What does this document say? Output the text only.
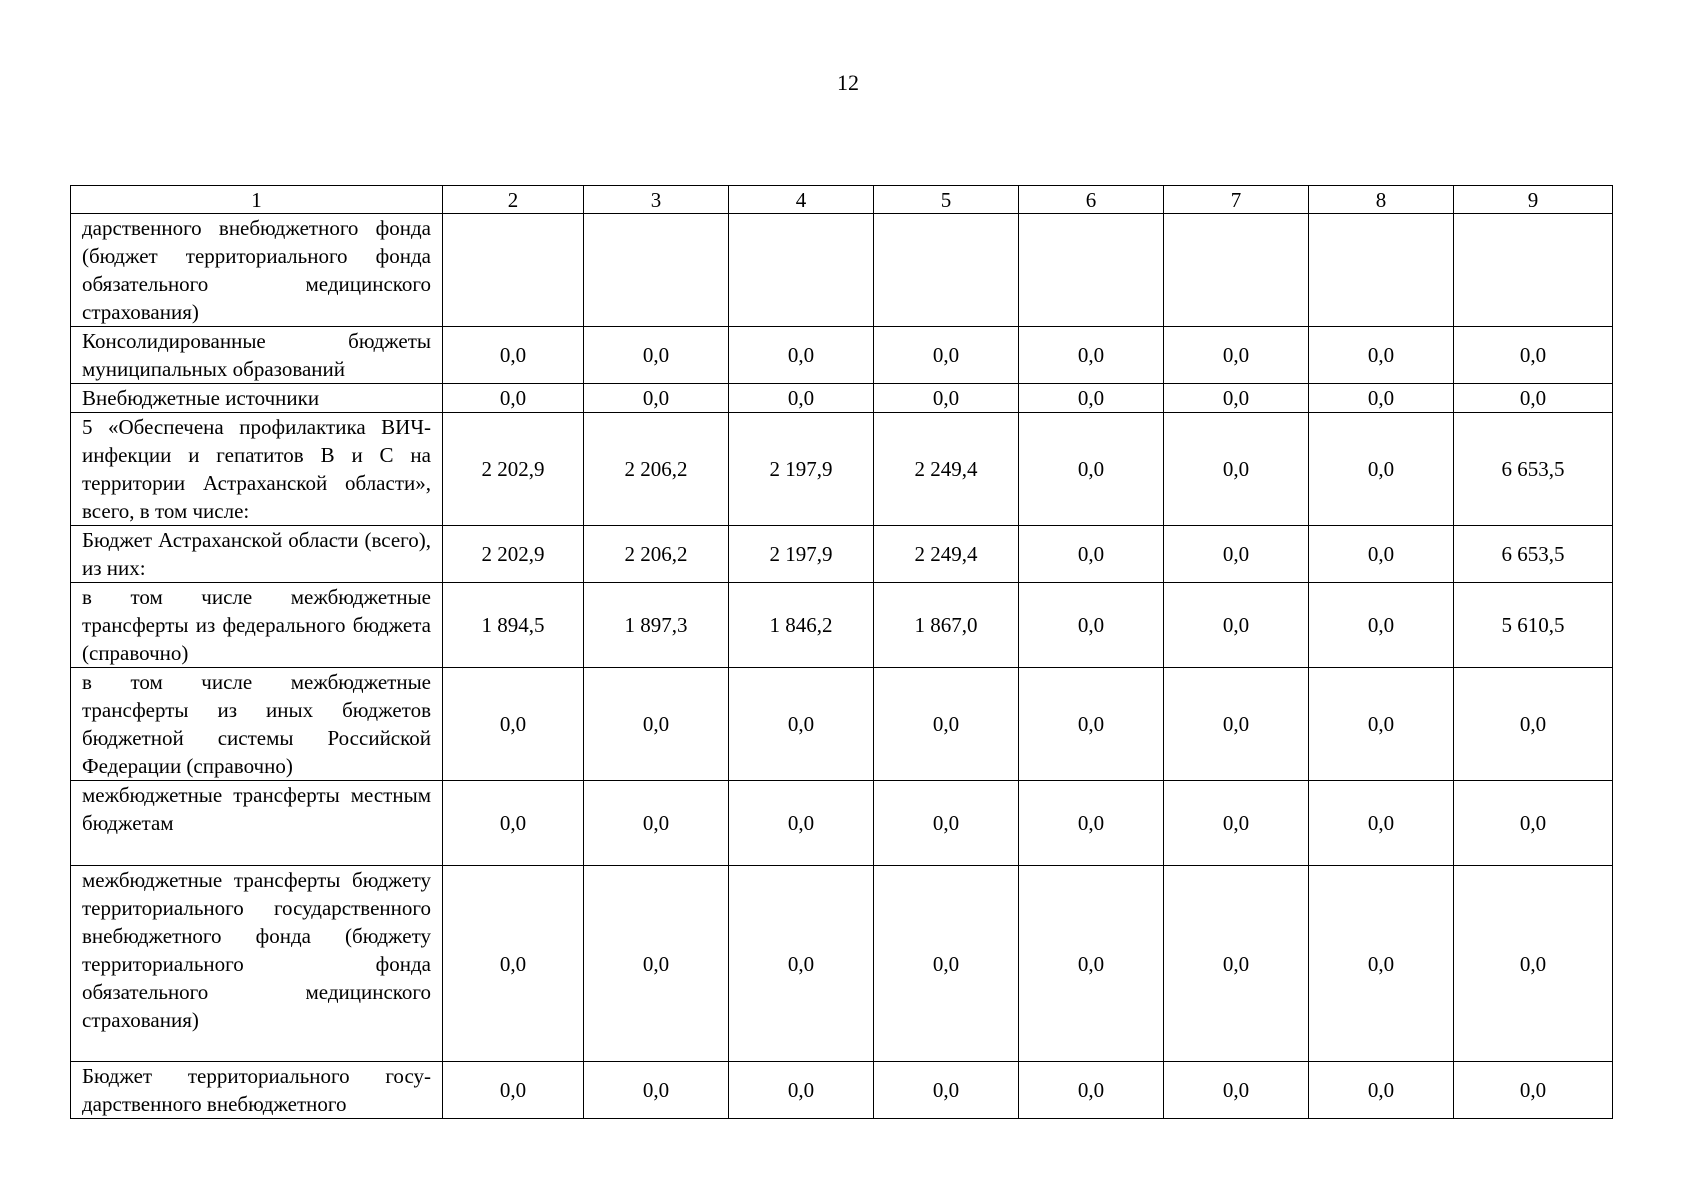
12
1	2	3	4	5	6	7	8	9
дарственного внебюджетного фонда (бюджет территориального фонда обязательного медицинского страхования)								
Консолидированные бюджеты муниципальных образований	0,0	0,0	0,0	0,0	0,0	0,0	0,0	0,0
Внебюджетные источники	0,0	0,0	0,0	0,0	0,0	0,0	0,0	0,0
5 «Обеспечена профилактика ВИЧ-инфекции и гепатитов В и С на территории Астраханской области», всего, в том числе:	2 202,9	2 206,2	2 197,9	2 249,4	0,0	0,0	0,0	6 653,5
Бюджет Астраханской области (всего), из них:	2 202,9	2 206,2	2 197,9	2 249,4	0,0	0,0	0,0	6 653,5
в том числе межбюджетные трансферты из федерального бюджета (справочно)	1 894,5	1 897,3	1 846,2	1 867,0	0,0	0,0	0,0	5 610,5
в том числе межбюджетные трансферты из иных бюджетов бюджетной системы Российской Федерации (справочно)	0,0	0,0	0,0	0,0	0,0	0,0	0,0	0,0
межбюджетные трансферты местным бюджетам	0,0	0,0	0,0	0,0	0,0	0,0	0,0	0,0
межбюджетные трансферты бюджету территориального государственного внебюджетного фонда (бюджету территориального фонда обязательного медицинского страхования)	0,0	0,0	0,0	0,0	0,0	0,0	0,0	0,0
Бюджет территориального государственного внебюджетного	0,0	0,0	0,0	0,0	0,0	0,0	0,0	0,0
